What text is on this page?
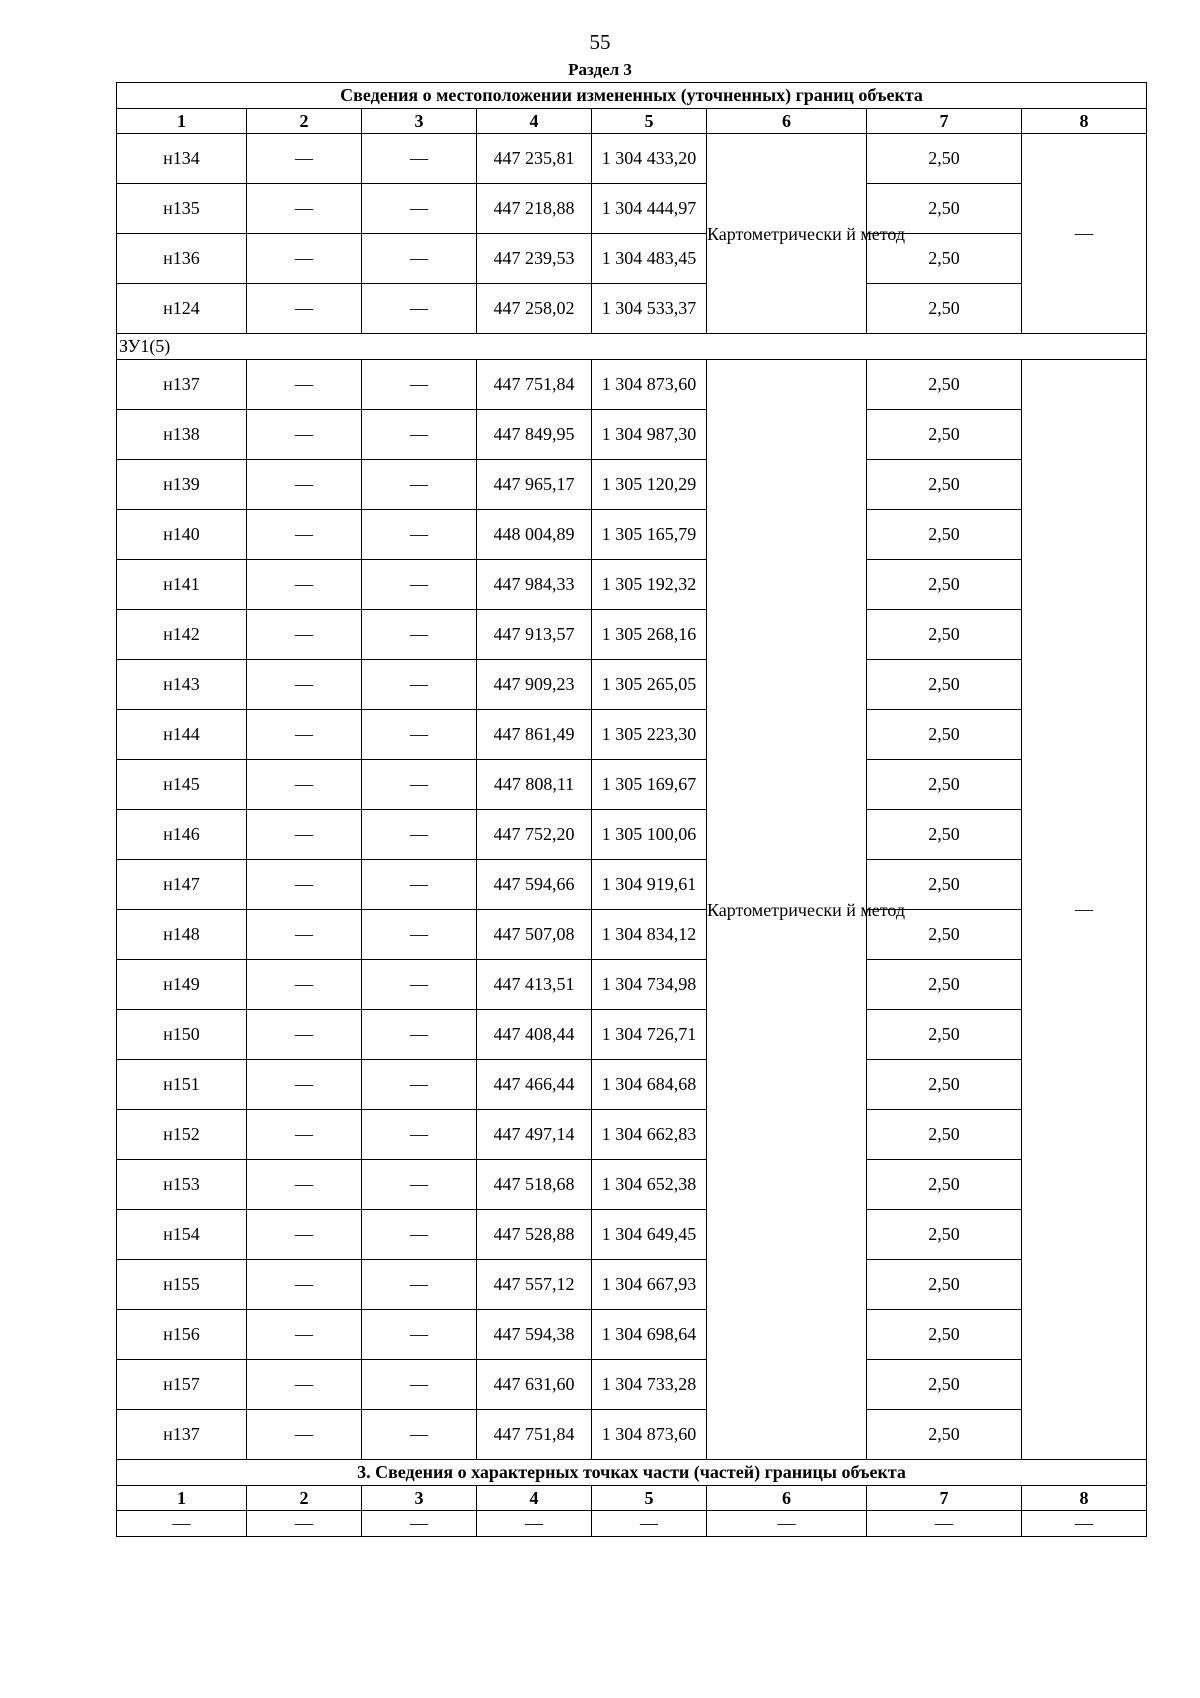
55
Раздел 3
Сведения о местоположении измененных (уточненных) границ объекта							
1	2	3	4	5	6	7	8
н134	—	—	447 235,81	1 304 433,20	Картометрически й метод	2,50	—
н135	—	—	447 218,88	1 304 444,97		2,50	
н136	—	—	447 239,53	1 304 483,45		2,50	
н124	—	—	447 258,02	1 304 533,37		2,50	
ЗУ1(5)							
н137	—	—	447 751,84	1 304 873,60	Картометрически й метод	2,50	—
н138	—	—	447 849,95	1 304 987,30		2,50	
н139	—	—	447 965,17	1 305 120,29		2,50	
н140	—	—	448 004,89	1 305 165,79		2,50	
н141	—	—	447 984,33	1 305 192,32		2,50	
н142	—	—	447 913,57	1 305 268,16		2,50	
н143	—	—	447 909,23	1 305 265,05		2,50	
н144	—	—	447 861,49	1 305 223,30		2,50	
н145	—	—	447 808,11	1 305 169,67		2,50	
н146	—	—	447 752,20	1 305 100,06		2,50	
н147	—	—	447 594,66	1 304 919,61		2,50	
н148	—	—	447 507,08	1 304 834,12		2,50	
н149	—	—	447 413,51	1 304 734,98		2,50	
н150	—	—	447 408,44	1 304 726,71		2,50	
н151	—	—	447 466,44	1 304 684,68		2,50	
н152	—	—	447 497,14	1 304 662,83		2,50	
н153	—	—	447 518,68	1 304 652,38		2,50	
н154	—	—	447 528,88	1 304 649,45		2,50	
н155	—	—	447 557,12	1 304 667,93		2,50	
н156	—	—	447 594,38	1 304 698,64		2,50	
н157	—	—	447 631,60	1 304 733,28		2,50	
н137	—	—	447 751,84	1 304 873,60		2,50	
3. Сведения о характерных точках части (частей) границы объекта							
1	2	3	4	5	6	7	8
—	—	—	—	—	—	—	—
